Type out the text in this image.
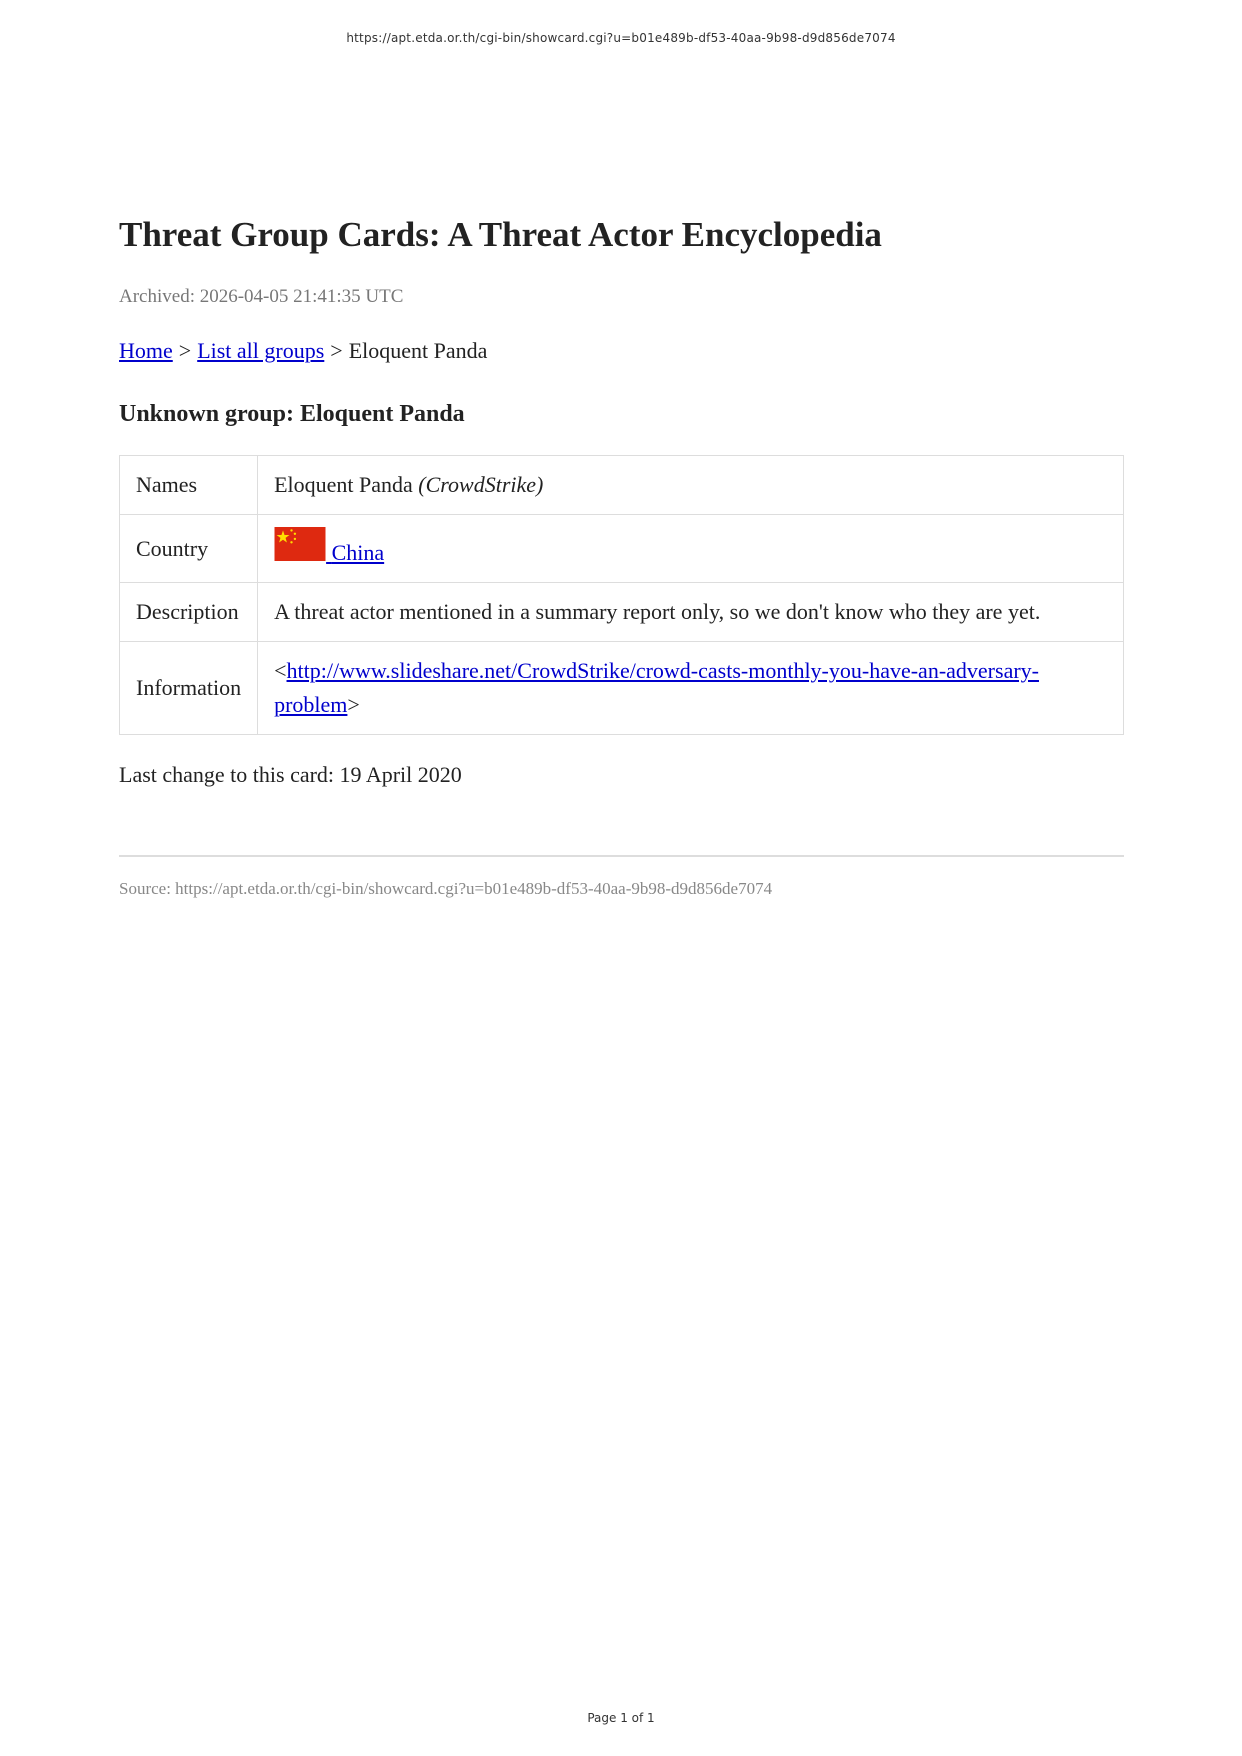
https://apt.etda.or.th/cgi-bin/showcard.cgi?u=b01e489b-df53-40aa-9b98-d9d856de7074
Threat Group Cards: A Threat Actor Encyclopedia
Archived: 2026-04-05 21:41:35 UTC
Home > List all groups > Eloquent Panda
Unknown group: Eloquent Panda
Names	Eloquent Panda (CrowdStrike)
Country	China
Description	A threat actor mentioned in a summary report only, so we don't know who they are yet.
Information	<http://www.slideshare.net/CrowdStrike/crowd-casts-monthly-you-have-an-adversary-problem>
Last change to this card: 19 April 2020
Source: https://apt.etda.or.th/cgi-bin/showcard.cgi?u=b01e489b-df53-40aa-9b98-d9d856de7074
Page 1 of 1
